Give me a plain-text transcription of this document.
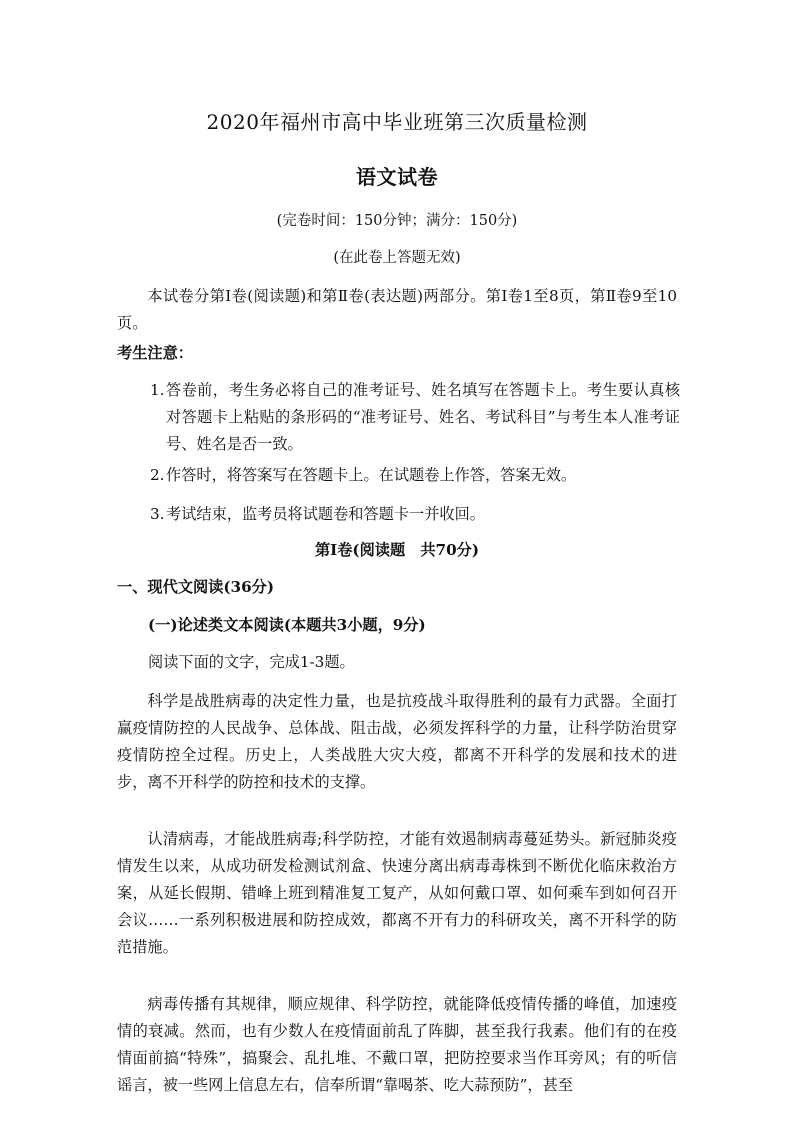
2020年福州市高中毕业班第三次质量检测
语文试卷
(完卷时间：150分钟；满分：150分)
(在此卷上答题无效)
本试卷分第Ⅰ卷(阅读题)和第Ⅱ卷(表达题)两部分。第Ⅰ卷1至8页，第Ⅱ卷9至10页。
考生注意：
1. 答卷前，考生务必将自己的准考证号、姓名填写在答题卡上。考生要认真核对答题卡上粘贴的条形码的“准考证号、姓名、考试科目”与考生本人准考证号、姓名是否一致。
2. 作答时，将答案写在答题卡上。在试题卷上作答，答案无效。
3. 考试结束，监考员将试题卷和答题卡一并收回。
第Ⅰ卷(阅读题　共70分)
一、现代文阅读(36分)
(一)论述类文本阅读(本题共3小题，9分)
阅读下面的文字，完成1-3题。
科学是战胜病毒的决定性力量，也是抗疫战斗取得胜利的最有力武器。全面打赢疫情防控的人民战争、总体战、阻击战，必须发挥科学的力量，让科学防治贯穿疫情防控全过程。历史上，人类战胜大灾大疫，都离不开科学的发展和技术的进步，离不开科学的防控和技术的支撑。
认清病毒，才能战胜病毒;科学防控，才能有效遏制病毒蔓延势头。新冠肺炎疫情发生以来，从成功研发检测试剂盒、快速分离出病毒毒株到不断优化临床救治方案，从延长假期、错峰上班到精准复工复产，从如何戴口罩、如何乘车到如何召开会议……一系列积极进展和防控成效，都离不开有力的科研攻关，离不开科学的防范措施。
病毒传播有其规律，顺应规律、科学防控，就能降低疫情传播的峰值，加速疫情的衰减。然而，也有少数人在疫情面前乱了阵脚，甚至我行我素。他们有的在疫情面前搞“特殊”，搞聚会、乱扎堆、不戴口罩，把防控要求当作耳旁风；有的听信谣言，被一些网上信息左右，信奉所谓“靠喝茶、吃大蒜预防”，甚至
